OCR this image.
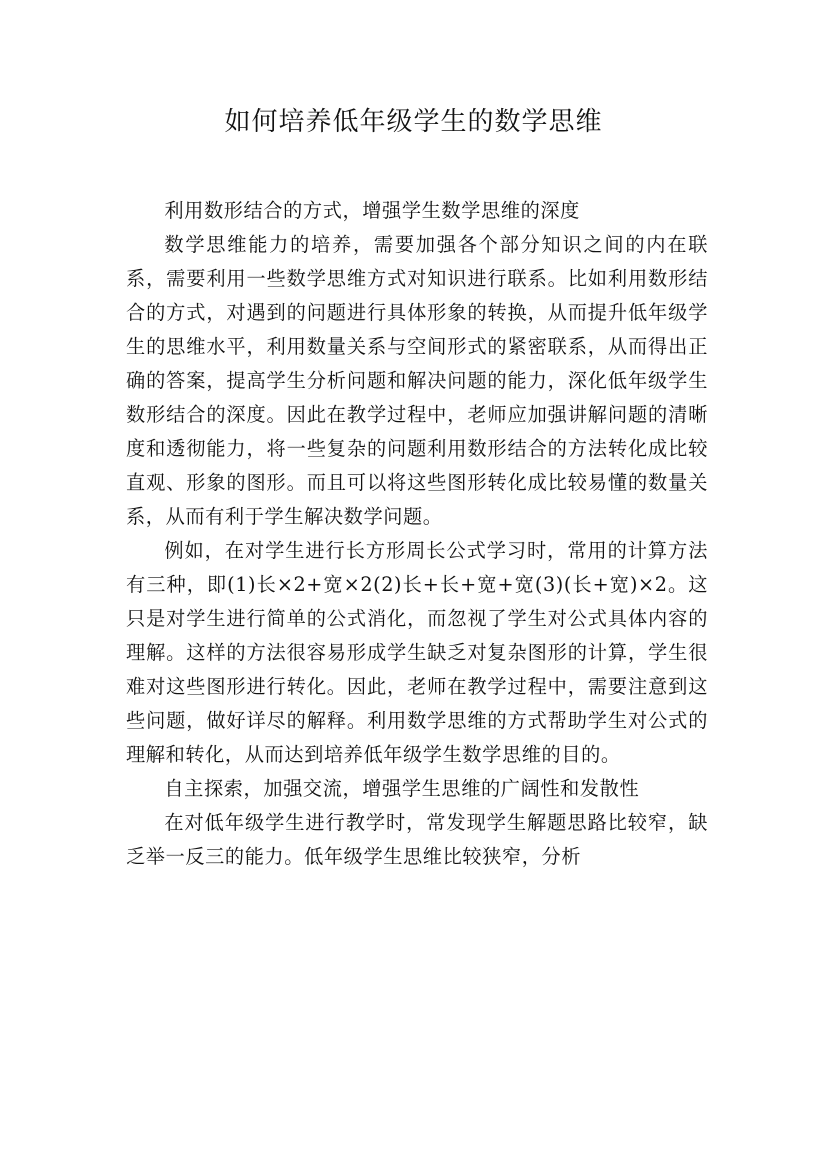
如何培养低年级学生的数学思维

利用数形结合的方式，增强学生数学思维的深度

数学思维能力的培养，需要加强各个部分知识之间的内在联系，需要利用一些数学思维方式对知识进行联系。比如利用数形结合的方式，对遇到的问题进行具体形象的转换，从而提升低年级学生的思维水平，利用数量关系与空间形式的紧密联系，从而得出正确的答案，提高学生分析问题和解决问题的能力，深化低年级学生数形结合的深度。因此在教学过程中，老师应加强讲解问题的清晰度和透彻能力，将一些复杂的问题利用数形结合的方法转化成比较直观、形象的图形。而且可以将这些图形转化成比较易懂的数量关系，从而有利于学生解决数学问题。

例如，在对学生进行长方形周长公式学习时，常用的计算方法有三种，即(1)长×2+宽×2(2)长+长+宽+宽(3)(长+宽)×2。这只是对学生进行简单的公式消化，而忽视了学生对公式具体内容的理解。这样的方法很容易形成学生缺乏对复杂图形的计算，学生很难对这些图形进行转化。因此，老师在教学过程中，需要注意到这些问题，做好详尽的解释。利用数学思维的方式帮助学生对公式的理解和转化，从而达到培养低年级学生数学思维的目的。

自主探索，加强交流，增强学生思维的广阔性和发散性

在对低年级学生进行教学时，常发现学生解题思路比较窄，缺乏举一反三的能力。低年级学生思维比较狭窄，分析
